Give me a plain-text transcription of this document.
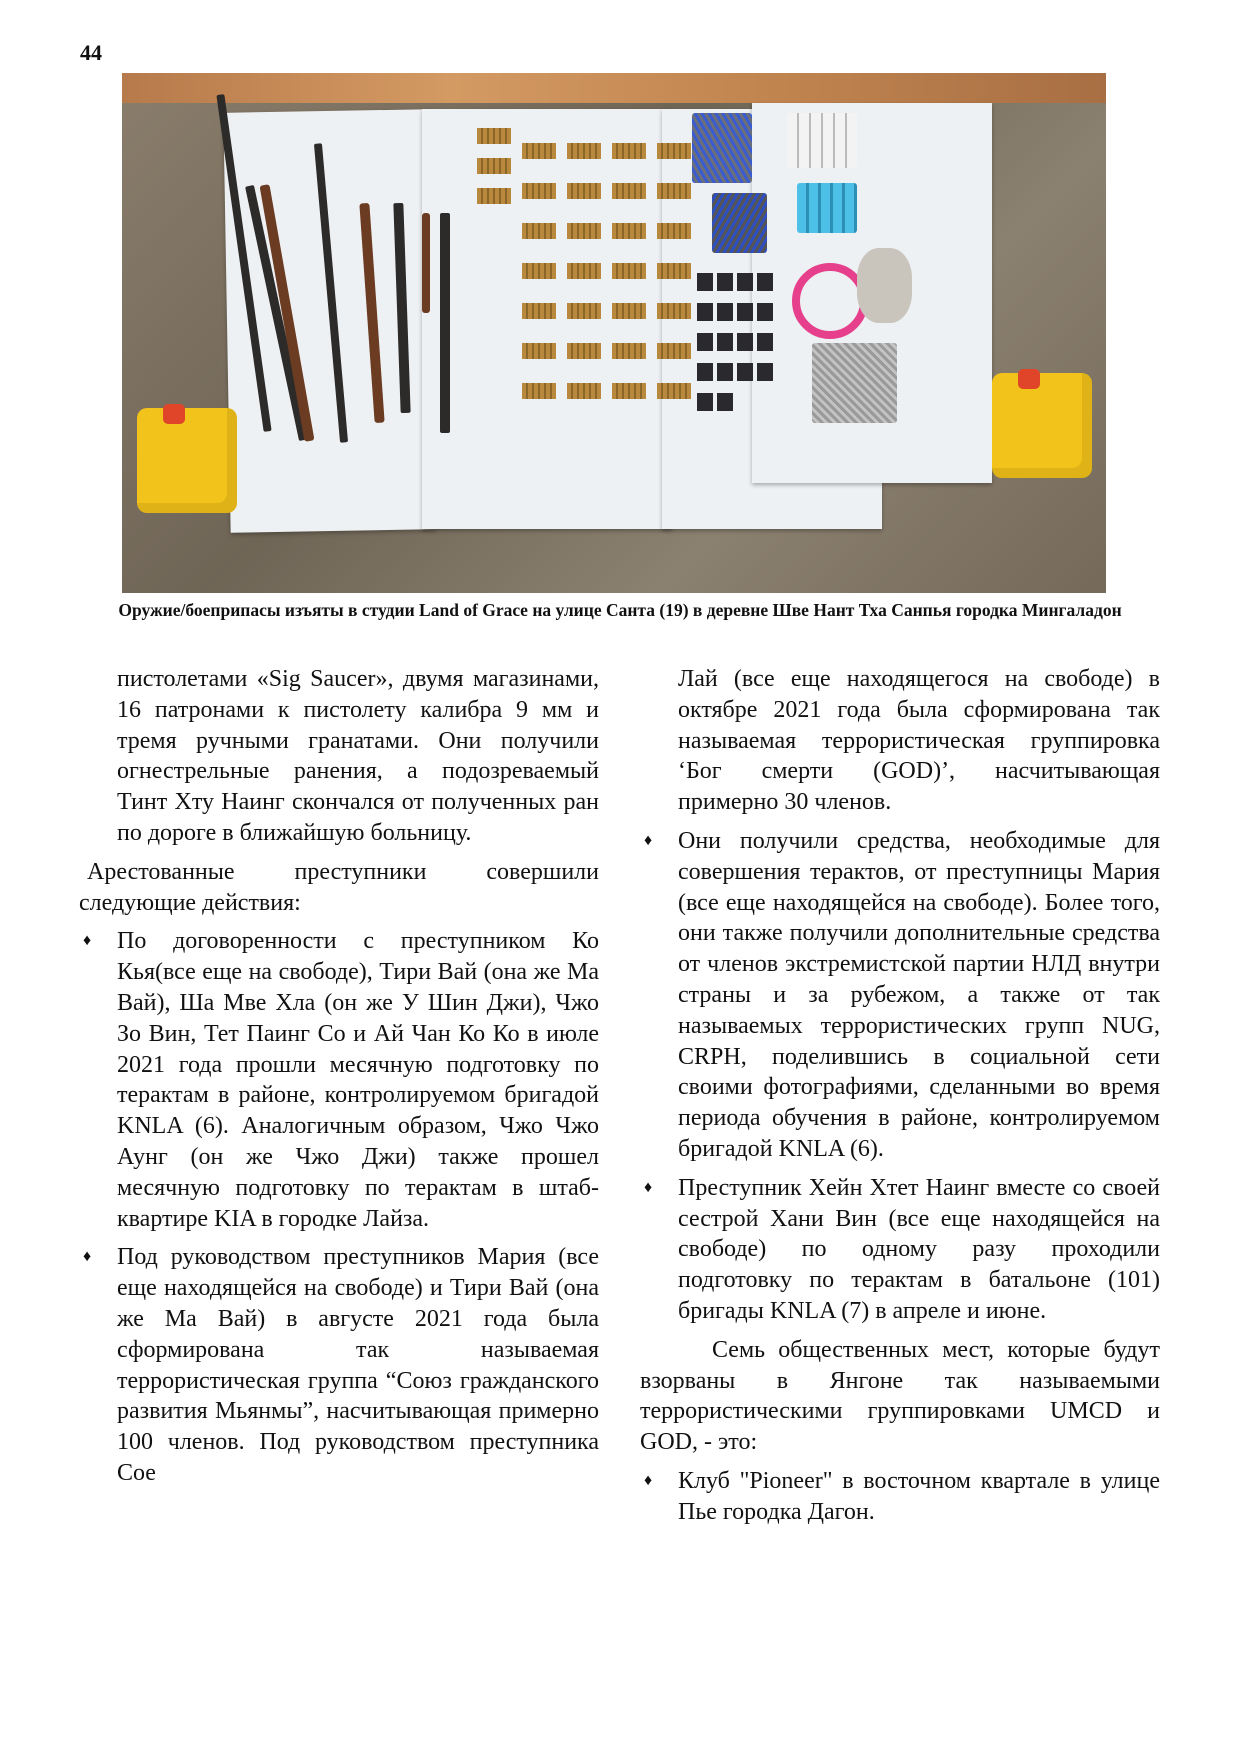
44
Оружие/боеприпасы изъяты в студии Land of Grace на улице Санта (19) в деревне Шве Нант Тха Санпья городка Мингаладон

пистолетами «Sig Saucer», двумя магазинами, 16 патронами к пистолету калибра 9 мм и тремя ручными гранатами. Они получили огнестрельные ранения, а подозреваемый Тинт Хту Наинг скончался от полученных ран по дороге в ближайшую больницу.

Арестованные преступники совершили следующие действия:

♦ По договоренности с преступником Ко Кья(все еще на свободе), Тири Вай (она же Ма Вай), Ша Мве Хла (он же У Шин Джи), Чжо Зо Вин, Тет Паинг Со и Ай Чан Ко Ко в июле 2021 года прошли месячную подготовку по терактам в районе, контролируемом бригадой KNLA (6). Аналогичным образом, Чжо Чжо Аунг (он же Чжо Джи) также прошел месячную подготовку по терактам в штаб-квартире KIA в городке Лайза.

♦ Под руководством преступников Мария (все еще находящейся на свободе) и Тири Вай (она же Ма Вай) в августе 2021 года была сформирована так называемая террористическая группа “Союз гражданского развития Мьянмы”, насчитывающая примерно 100 членов. Под руководством преступника Сое

Лай (все еще находящегося на свободе) в октябре 2021 года была сформирована так называемая террористическая группировка ‘Бог смерти (GOD)’, насчитывающая примерно 30 членов.

♦ Они получили средства, необходимые для совершения терактов, от преступницы Мария (все еще находящейся на свободе). Более того, они также получили дополнительные средства от членов экстремистской партии НЛД внутри страны и за рубежом, а также от так называемых террористических групп NUG, CRPH, поделившись в социальной сети своими фотографиями, сделанными во время периода обучения в районе, контролируемом бригадой KNLA (6).

♦ Преступник Хейн Хтет Наинг вместе со своей сестрой Хани Вин (все еще находящейся на свободе) по одному разу проходили подготовку по терактам в батальоне (101) бригады KNLA (7) в апреле и июне.

Семь общественных мест, которые будут взорваны в Янгоне так называемыми террористическими группировками UMCD и GOD, - это:

♦ Клуб "Pioneer" в восточном квартале в улице Пье городка Дагон.
